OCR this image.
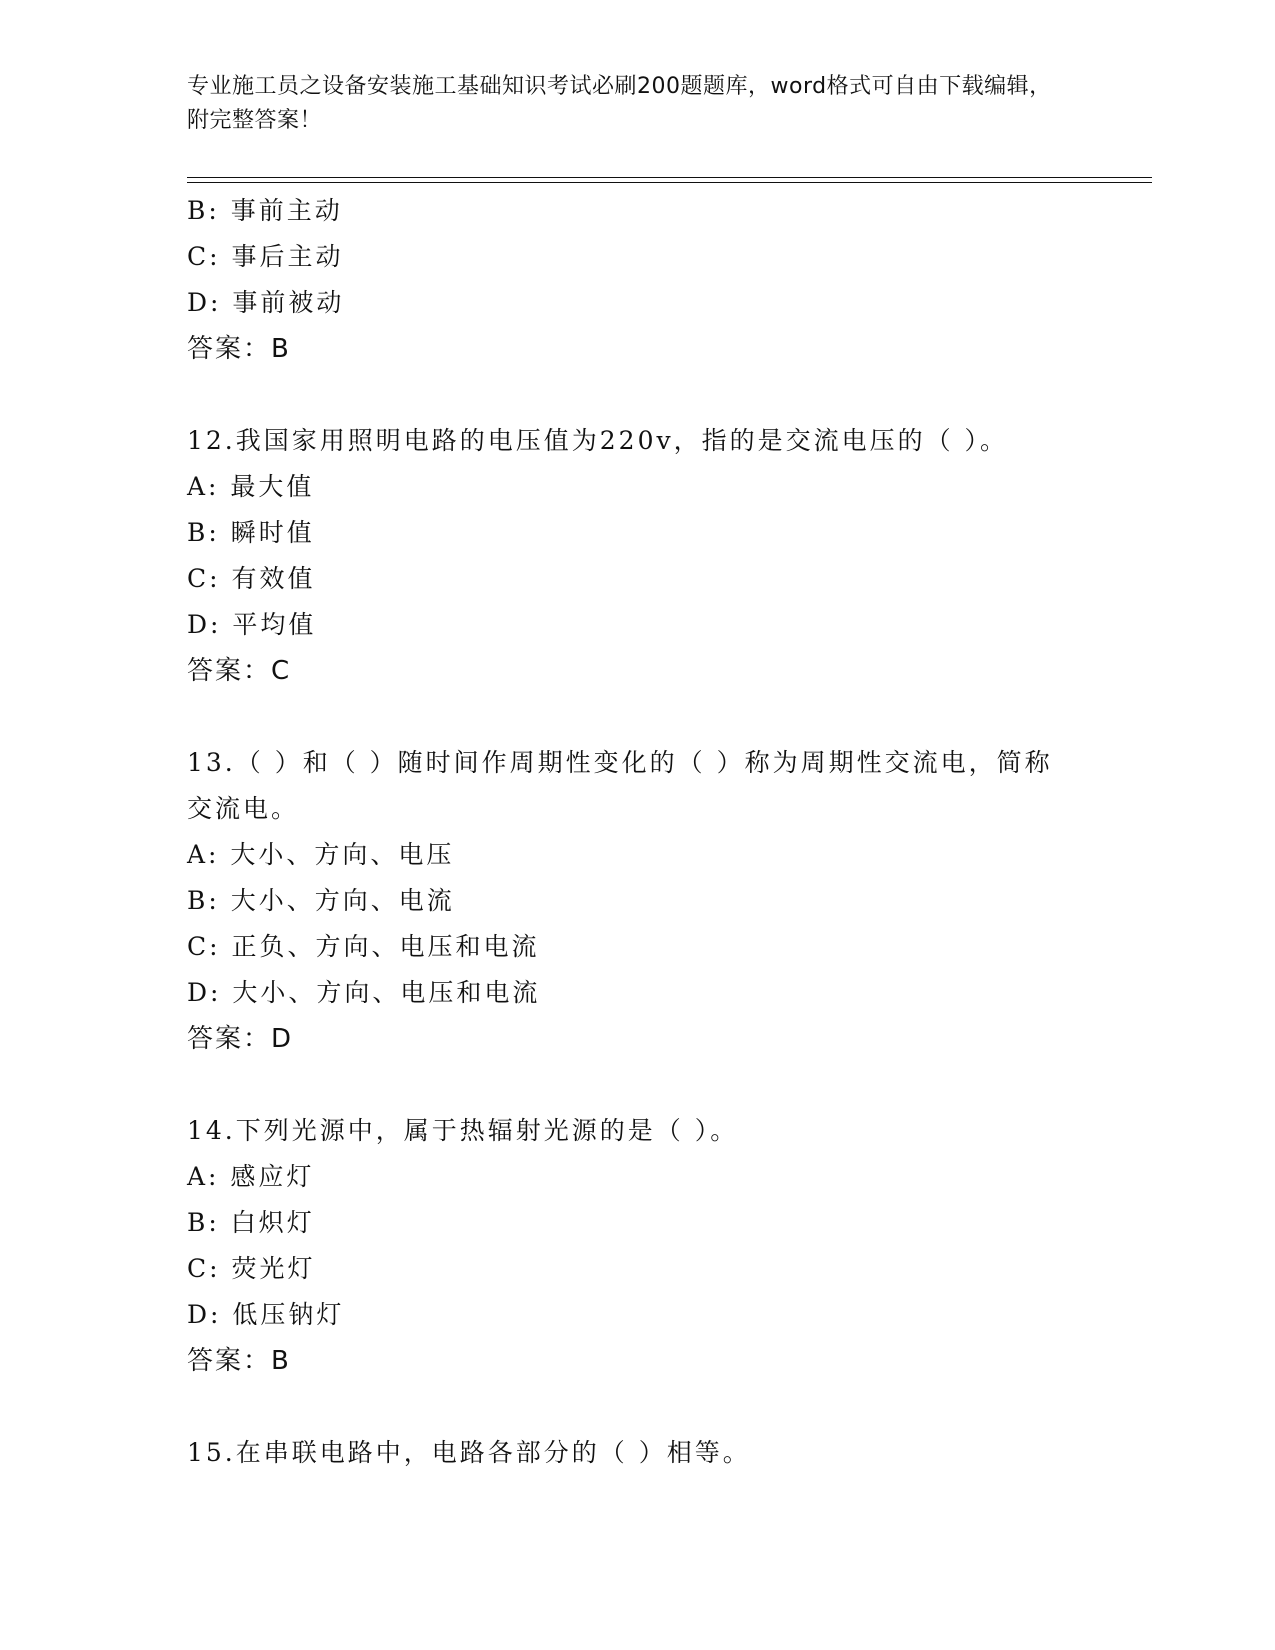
专业施工员之设备安装施工基础知识考试必刷200题题库，word格式可自由下载编辑，附完整答案！

B: 事前主动
C: 事后主动
D: 事前被动
答案：B
12.我国家用照明电路的电压值为220v，指的是交流电压的（ ）。
A: 最大值
B: 瞬时值
C: 有效值
D: 平均值
答案：C
13.（ ）和（ ）随时间作周期性变化的（ ）称为周期性交流电，简称交流电。
A: 大小、方向、电压
B: 大小、方向、电流
C: 正负、方向、电压和电流
D: 大小、方向、电压和电流
答案：D
14.下列光源中，属于热辐射光源的是（ ）。
A: 感应灯
B: 白炽灯
C: 荧光灯
D: 低压钠灯
答案：B
15.在串联电路中，电路各部分的（ ）相等。
